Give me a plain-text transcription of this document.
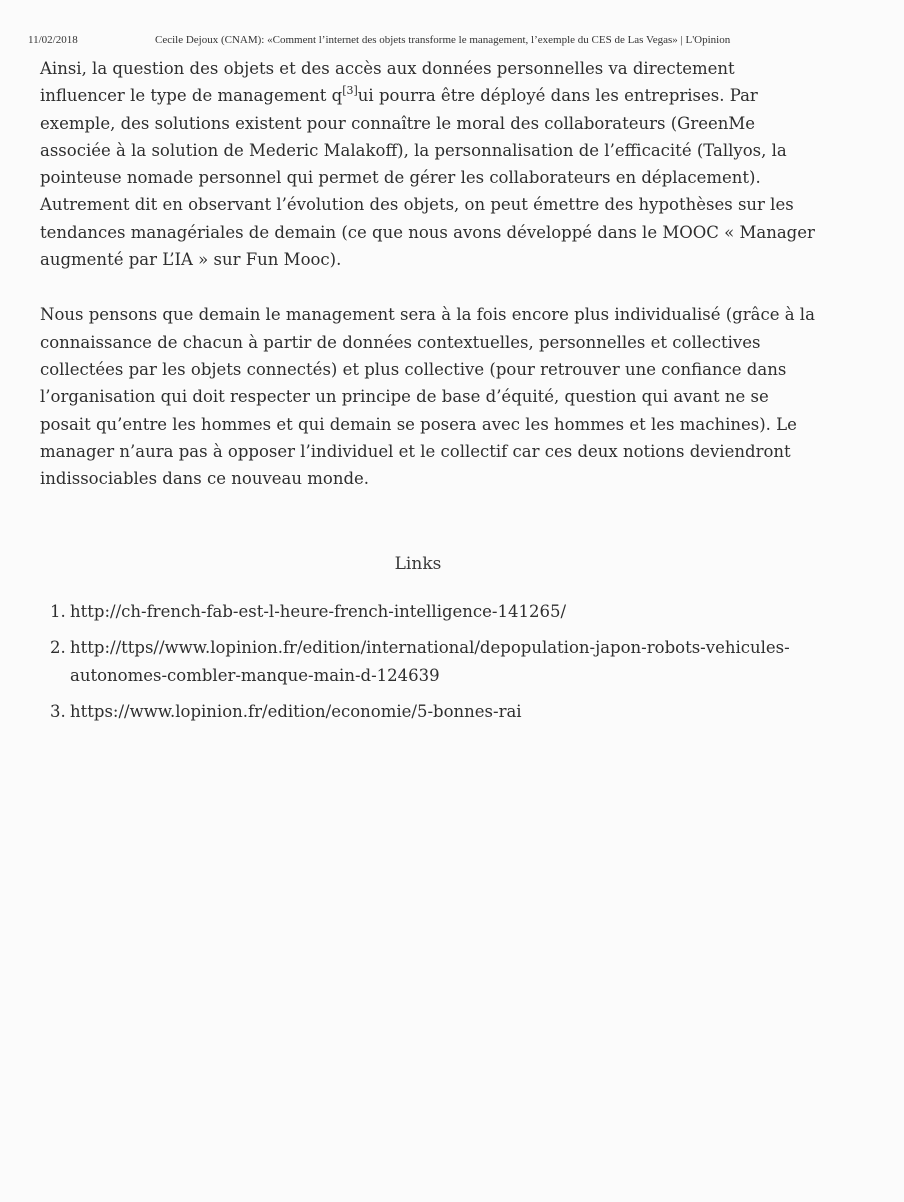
11/02/2018	Cecile Dejoux (CNAM): «Comment l’internet des objets transforme le management, l’exemple du CES de Las Vegas» | L'Opinion

Ainsi, la question des objets et des accès aux données personnelles va directement influencer le type de management q[3]ui pourra être déployé dans les entreprises. Par exemple, des solutions existent pour connaître le moral des collaborateurs (GreenMe associée à la solution de Mederic Malakoff), la personnalisation de l’efficacité (Tallyos, la pointeuse nomade personnel qui permet de gérer les collaborateurs en déplacement). Autrement dit en observant l’évolution des objets, on peut émettre des hypothèses sur les tendances managériales de demain (ce que nous avons développé dans le MOOC « Manager augmenté par L’IA » sur Fun Mooc).

Nous pensons que demain le management sera à la fois encore plus individualisé (grâce à la connaissance de chacun à partir de données contextuelles, personnelles et collectives collectées par les objets connectés) et plus collective (pour retrouver une confiance dans l’organisation qui doit respecter un principe de base d’équité, question qui avant ne se posait qu’entre les hommes et qui demain se posera avec les hommes et les machines). Le manager n’aura pas à opposer l’individuel et le collectif car ces deux notions deviendront indissociables dans ce nouveau monde.

Links
1. http://ch-french-fab-est-l-heure-french-intelligence-141265/
2. http://ttps//www.lopinion.fr/edition/international/depopulation-japon-robots-vehicules-autonomes-combler-manque-main-d-124639
3. https://www.lopinion.fr/edition/economie/5-bonnes-rai
